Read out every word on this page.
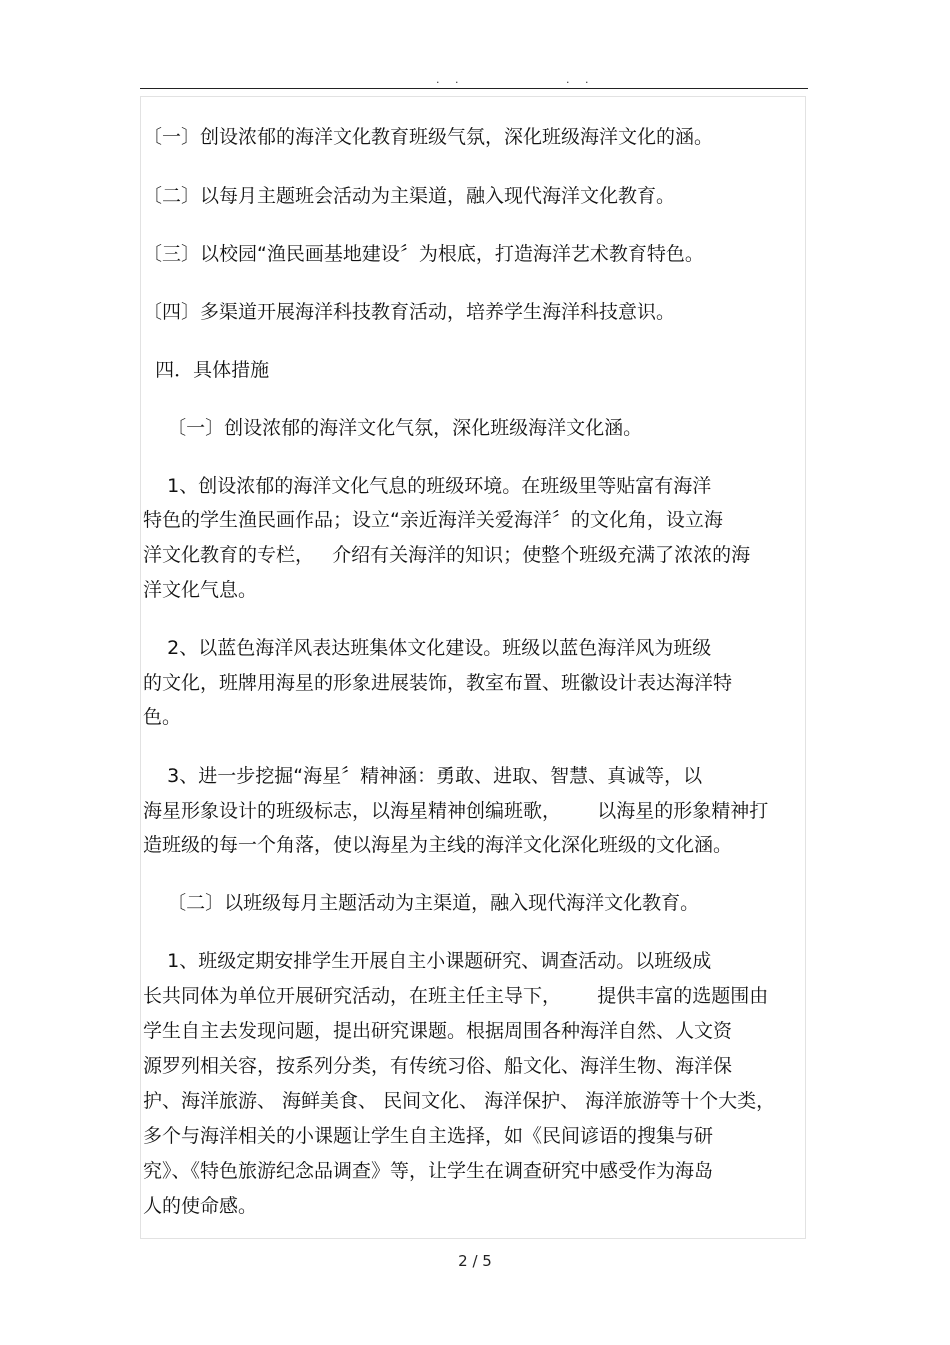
. .	. .

〔一〕创设浓郁的海洋文化教育班级气氛，深化班级海洋文化的涵。

〔二〕以每月主题班会活动为主渠道，融入现代海洋文化教育。

〔三〕以校园“渔民画基地建设〞为根底，打造海洋艺术教育特色。

〔四〕多渠道开展海洋科技教育活动，培养学生海洋科技意识。

四．具体措施

〔一〕创设浓郁的海洋文化气氛，深化班级海洋文化涵。

1、创设浓郁的海洋文化气息的班级环境。在班级里等贴富有海洋

特色的学生渔民画作品；设立“亲近海洋关爱海洋〞的文化角，设立海

洋文化教育的专栏，   介绍有关海洋的知识；使整个班级充满了浓浓的海

洋文化气息。

2、以蓝色海洋风表达班集体文化建设。班级以蓝色海洋风为班级

的文化，班牌用海星的形象进展装饰，教室布置、班徽设计表达海洋特

色。

3、进一步挖掘“海星〞精神涵：勇敢、进取、智慧、真诚等，以

海星形象设计的班级标志，以海星精神创编班歌，      以海星的形象精神打

造班级的每一个角落，使以海星为主线的海洋文化深化班级的文化涵。

〔二〕以班级每月主题活动为主渠道，融入现代海洋文化教育。

1、班级定期安排学生开展自主小课题研究、调查活动。以班级成

长共同体为单位开展研究活动，在班主任主导下，      提供丰富的选题围由

学生自主去发现问题，提出研究课题。根据周围各种海洋自然、人文资

源罗列相关容，按系列分类，有传统习俗、船文化、海洋生物、海洋保

护、海洋旅游、 海鲜美食、 民间文化、 海洋保护、 海洋旅游等十个大类，

多个与海洋相关的小课题让学生自主选择，如《民间谚语的搜集与研

究》、《特色旅游纪念品调查》等，让学生在调查研究中感受作为海岛

人的使命感。

2 / 5
